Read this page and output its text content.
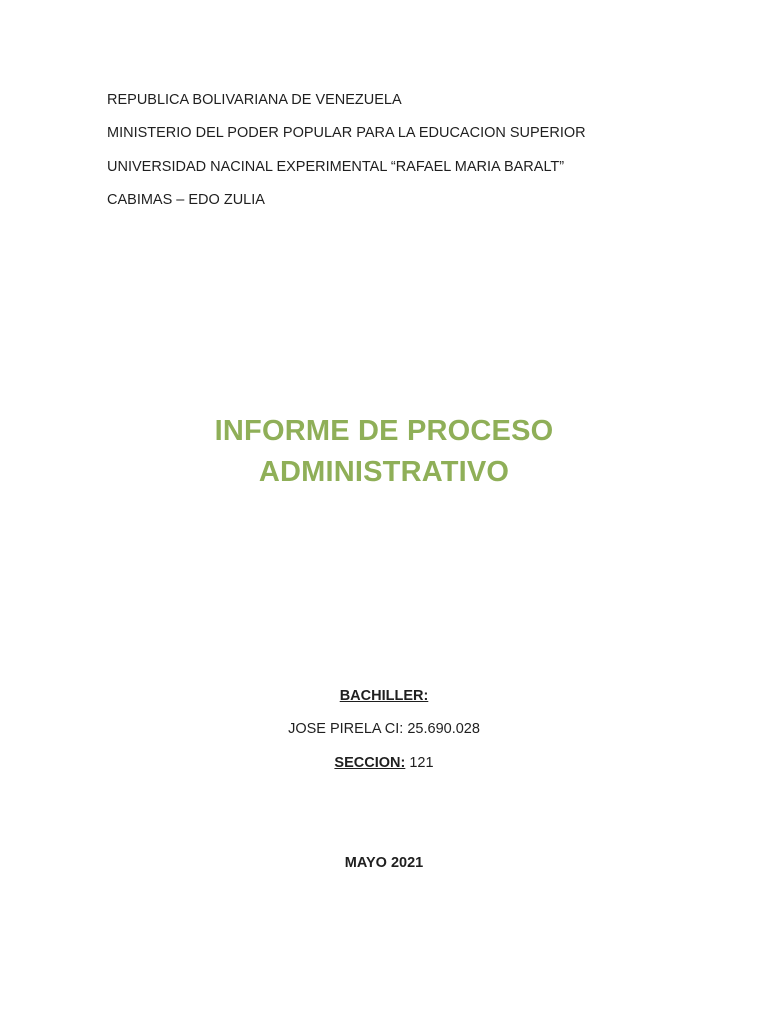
REPUBLICA BOLIVARIANA DE VENEZUELA
MINISTERIO DEL PODER POPULAR PARA LA EDUCACION SUPERIOR
UNIVERSIDAD NACINAL EXPERIMENTAL “RAFAEL MARIA BARALT”
CABIMAS – EDO ZULIA
INFORME DE PROCESO
ADMINISTRATIVO
BACHILLER:
JOSE PIRELA CI: 25.690.028
SECCION: 121
MAYO 2021
